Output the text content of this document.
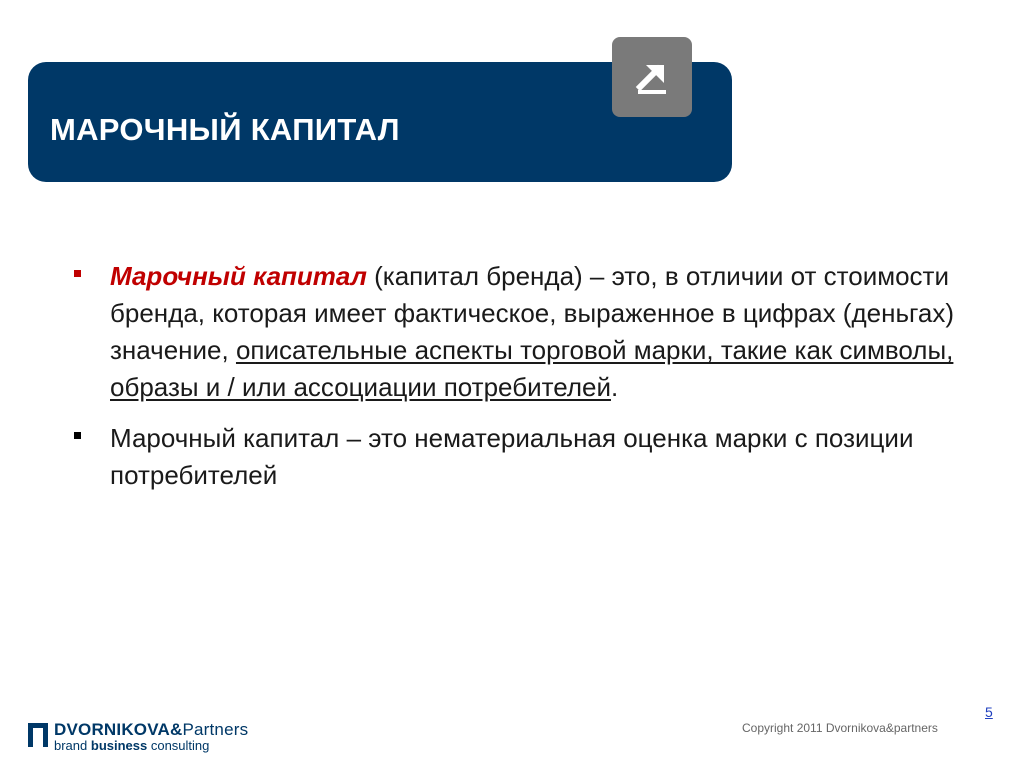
МАРОЧНЫЙ КАПИТАЛ
Марочный капитал (капитал бренда) – это, в отличии от стоимости бренда, которая имеет фактическое, выраженное в цифрах (деньгах) значение, описательные аспекты торговой марки, такие как символы, образы и / или ассоциации потребителей.
Марочный капитал – это нематериальная оценка марки с позиции потребителей
DVORNIKOVA&Partners
brand business consulting
Copyright 2011 Dvornikova&partners
5
